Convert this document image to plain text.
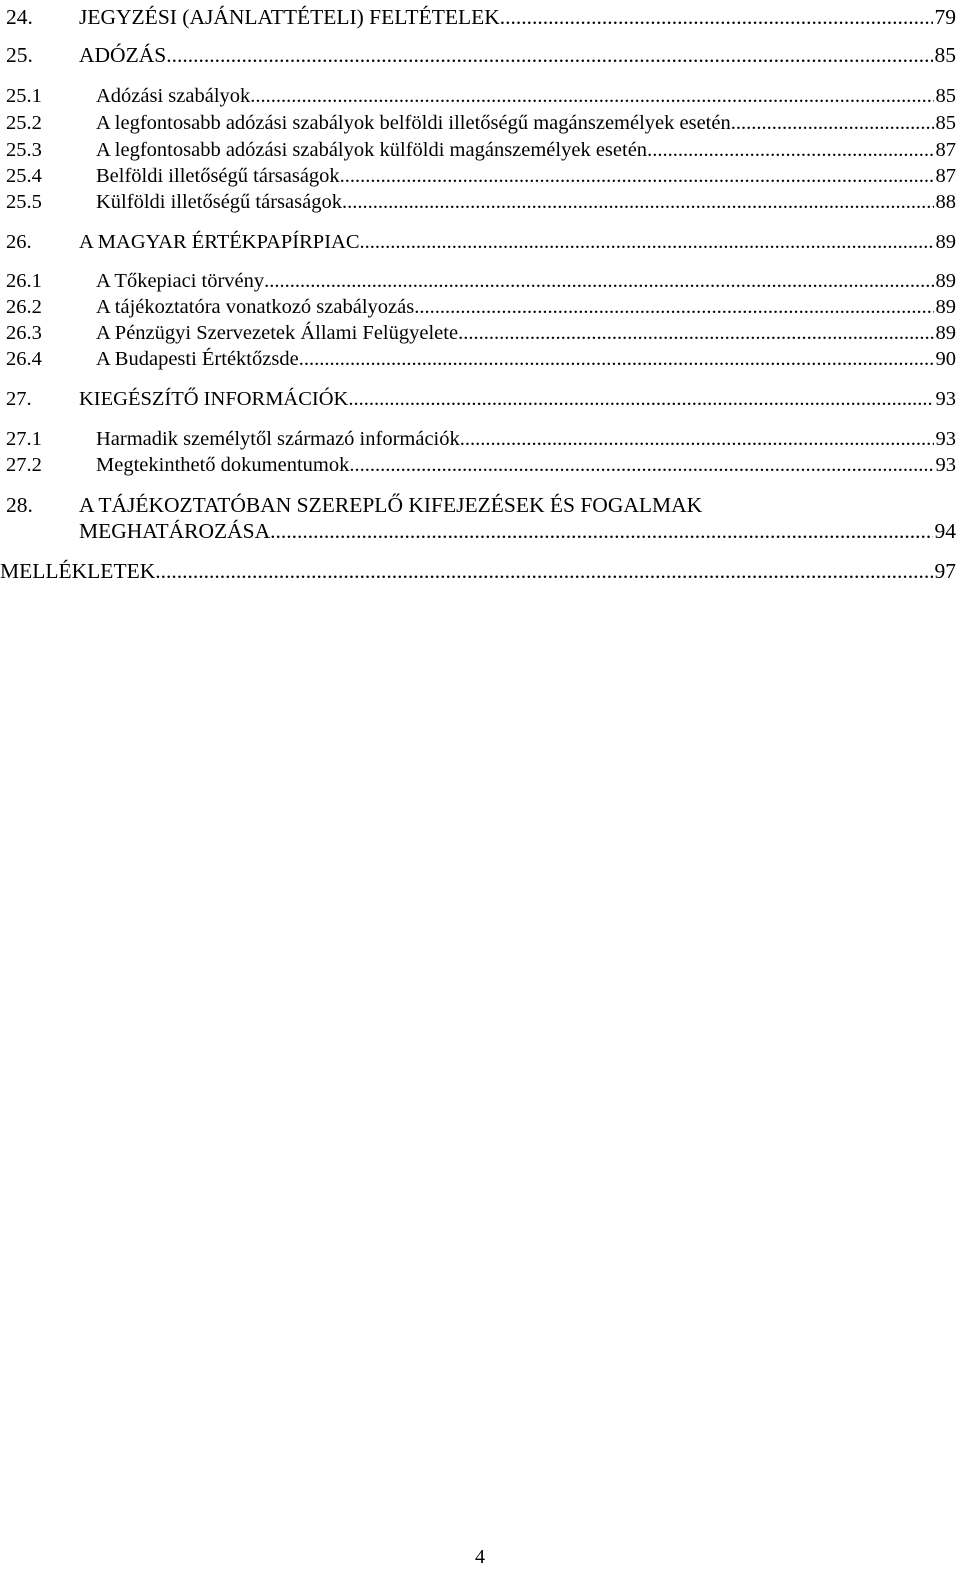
24.	JEGYZÉSI (AJÁNLATTÉTELI) FELTÉTELEK .....	79
25.	ADÓZÁS .....	85
25.1	Adózási szabályok .....	85
25.2	A legfontosabb adózási szabályok belföldi illetőségű magánszemélyek esetén .....	85
25.3	A legfontosabb adózási szabályok külföldi magánszemélyek esetén .....	87
25.4	Belföldi illetőségű társaságok .....	87
25.5	Külföldi illetőségű társaságok .....	88
26.	A MAGYAR ÉRTÉKPAPÍRPIAC .....	89
26.1	A Tőkepiaci törvény .....	89
26.2	A tájékoztatóra vonatkozó szabályozás .....	89
26.3	A Pénzügyi Szervezetek Állami Felügyelete .....	89
26.4	A Budapesti Értéktőzsde .....	90
27.	KIEGÉSZÍTŐ INFORMÁCIÓK .....	93
27.1	Harmadik személytől származó információk .....	93
27.2	Megtekinthető dokumentumok .....	93
28.	A TÁJÉKOZTATÓBAN SZEREPLŐ KIFEJEZÉSEK ÉS FOGALMAK
MEGHATÁROZÁSA .....	94
MELLÉKLETEK .....	97
4
